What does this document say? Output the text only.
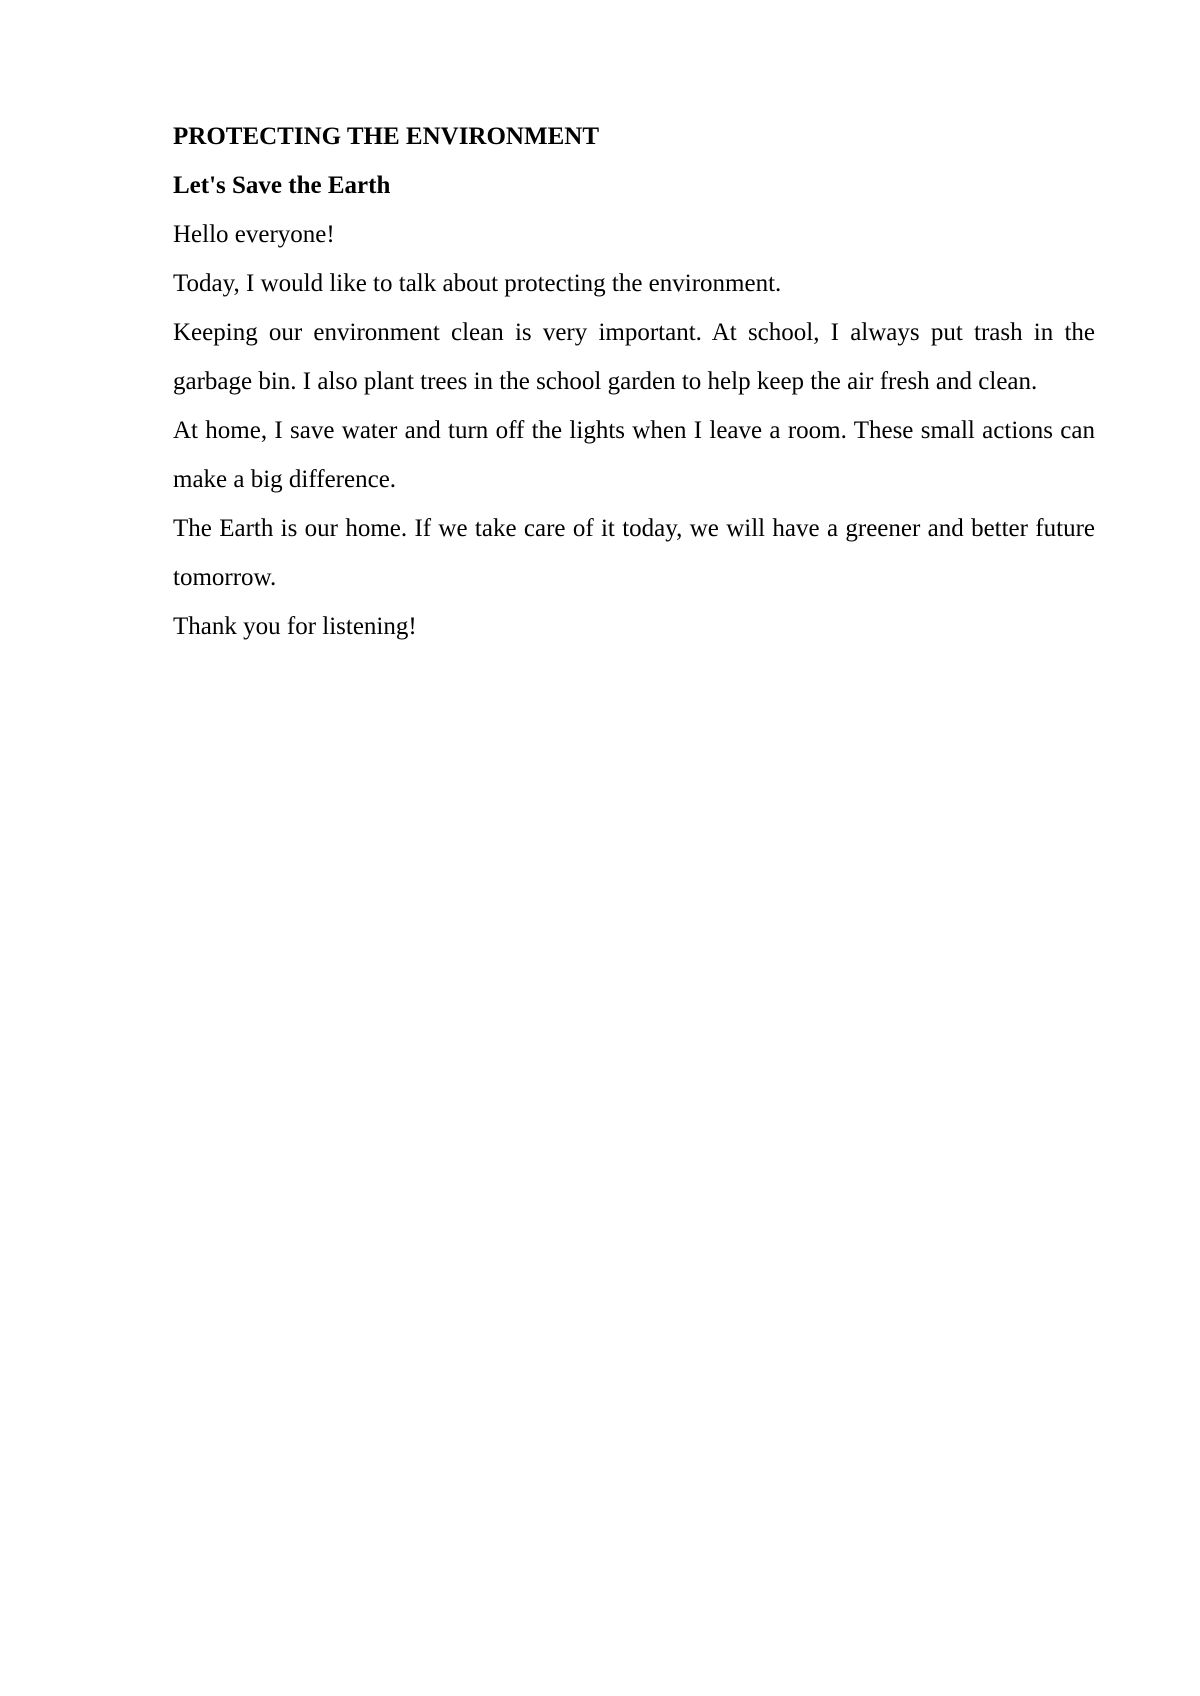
PROTECTING THE ENVIRONMENT

Let's Save the Earth

Hello everyone!

Today, I would like to talk about protecting the environment.

Keeping our environment clean is very important. At school, I always put trash in the garbage bin. I also plant trees in the school garden to help keep the air fresh and clean.

At home, I save water and turn off the lights when I leave a room. These small actions can make a big difference.

The Earth is our home. If we take care of it today, we will have a greener and better future tomorrow.

Thank you for listening!
